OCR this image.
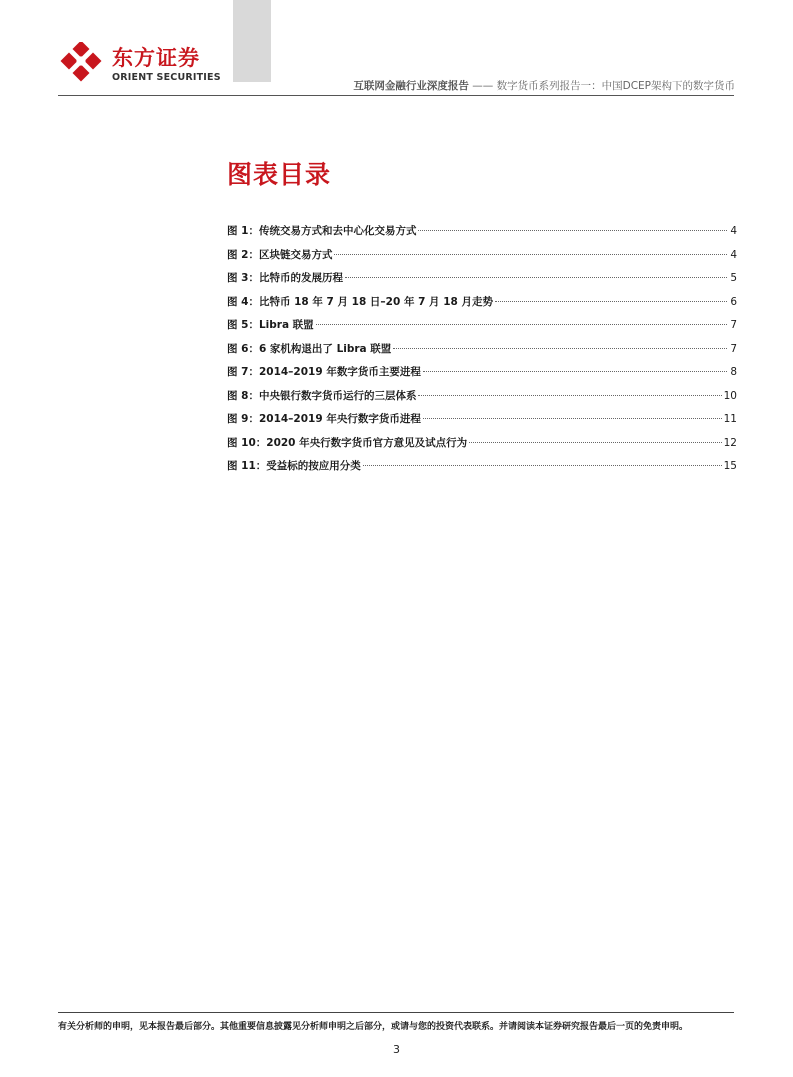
东方证券
ORIENT SECURITIES
互联网金融行业深度报告 —— 数字货币系列报告一：中国DCEP架构下的数字货币
图表目录
图 1：传统交易方式和去中心化交易方式	4
图 2：区块链交易方式	4
图 3：比特币的发展历程	5
图 4：比特币 18 年 7 月 18 日–20 年 7 月 18 月走势	6
图 5：Libra 联盟	7
图 6：6 家机构退出了 Libra 联盟	7
图 7：2014–2019 年数字货币主要进程	8
图 8：中央银行数字货币运行的三层体系	10
图 9：2014–2019 年央行数字货币进程	11
图 10：2020 年央行数字货币官方意见及试点行为	12
图 11：受益标的按应用分类	15
有关分析师的申明，见本报告最后部分。其他重要信息披露见分析师申明之后部分，或请与您的投资代表联系。并请阅读本证券研究报告最后一页的免责申明。
3
